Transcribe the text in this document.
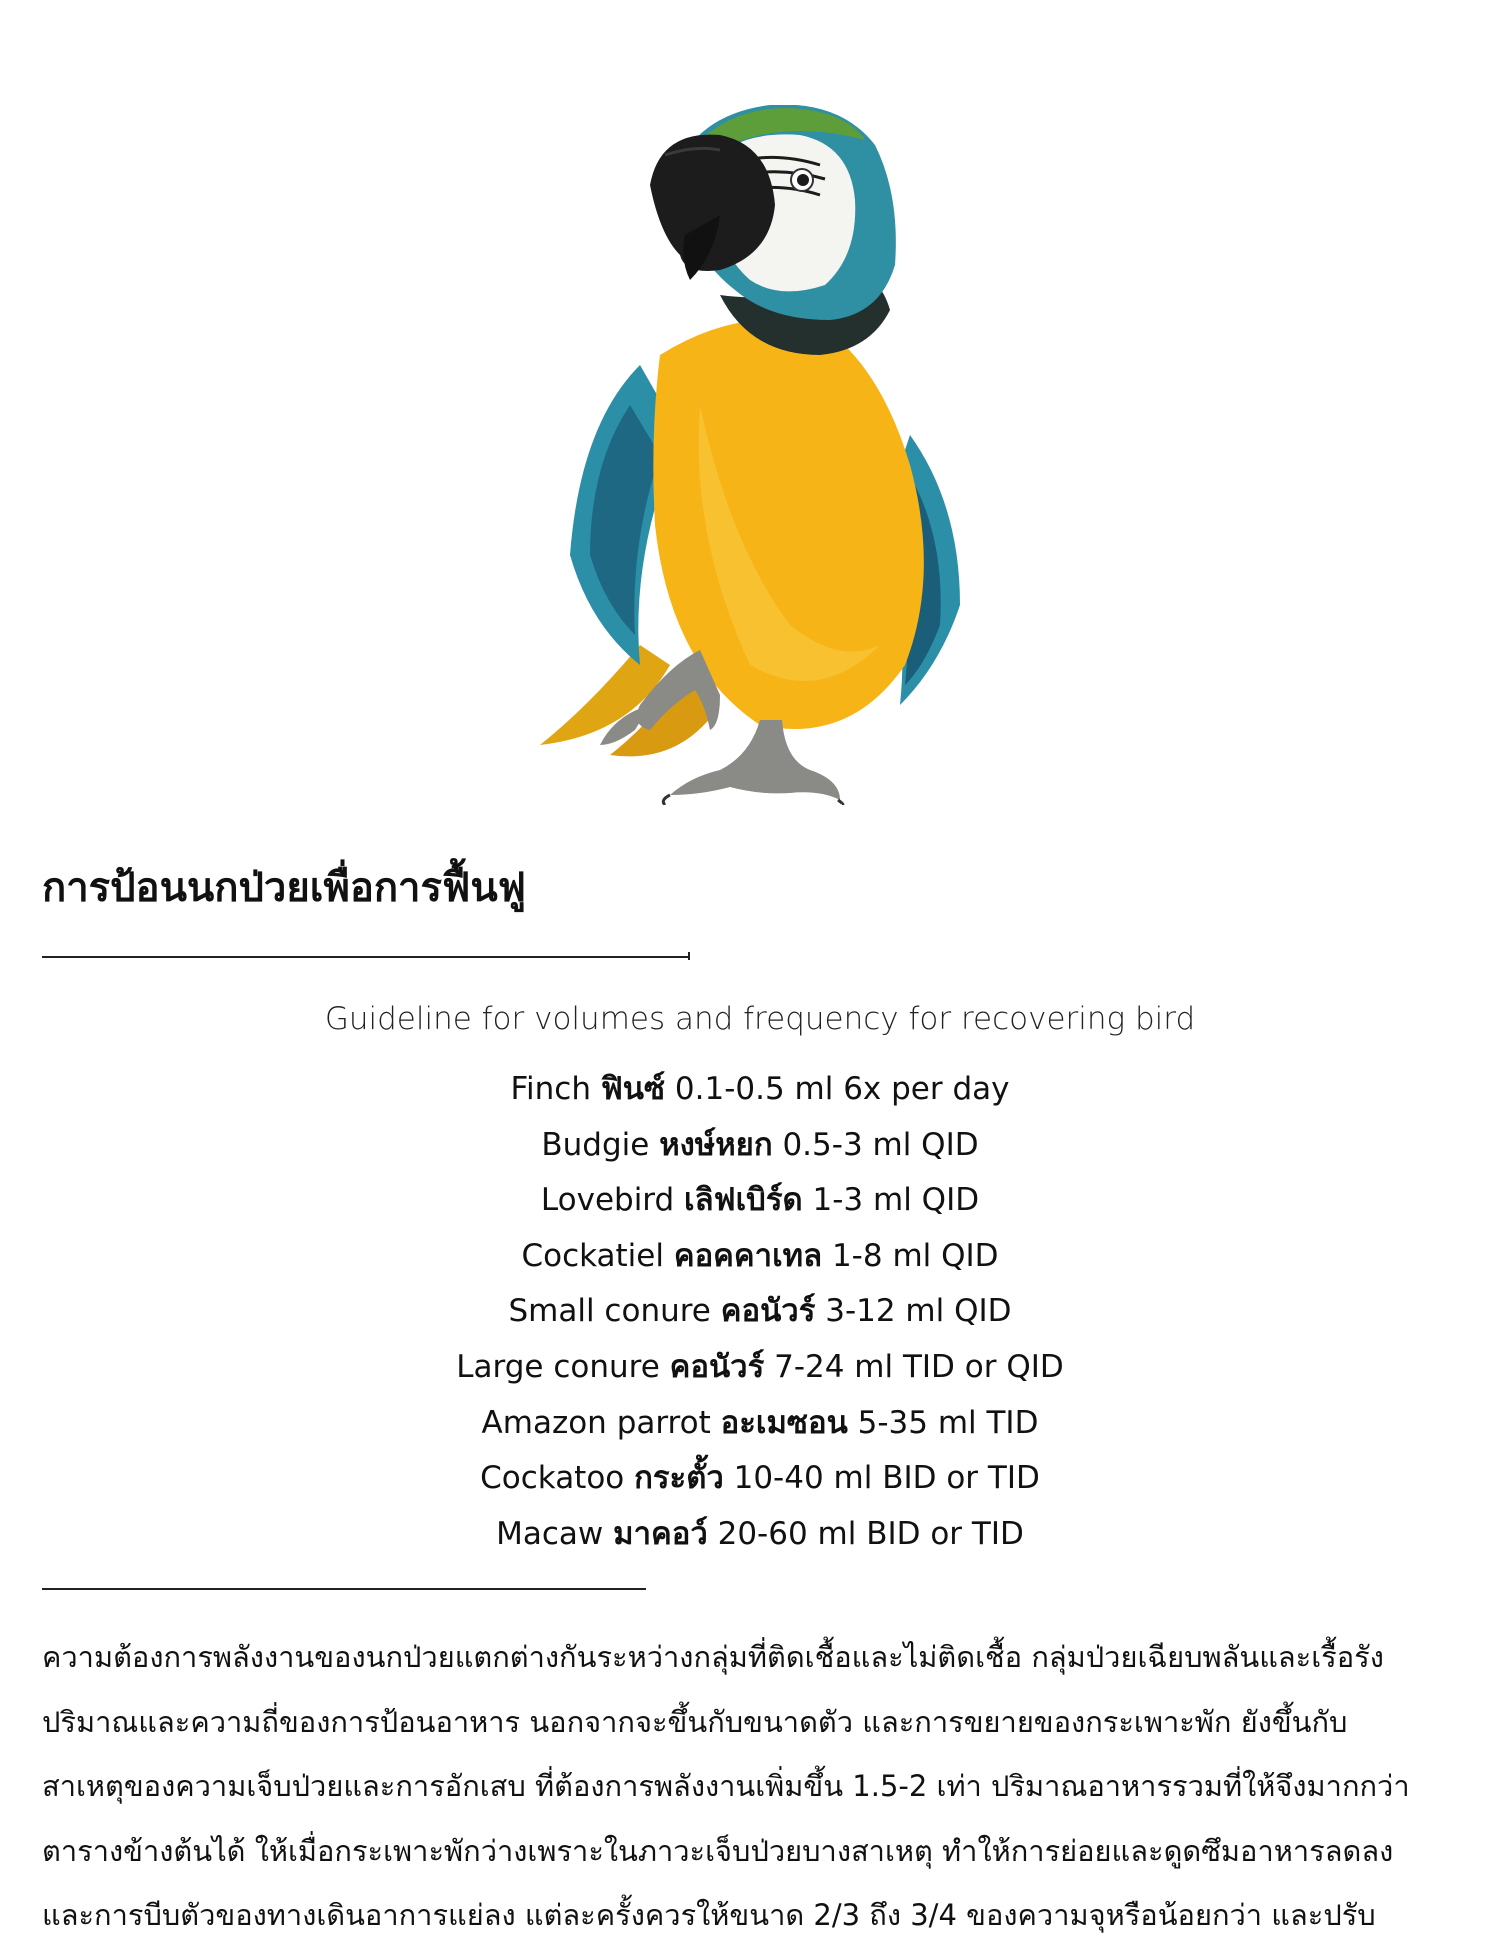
การป้อนนกป่วยเพื่อการฟื้นฟู
Guideline for volumes and frequency for recovering bird
Finch ฟินซ์ 0.1-0.5 ml 6x per day
Budgie หงษ์หยก 0.5-3 ml QID
Lovebird เลิฟเบิร์ด 1-3 ml QID
Cockatiel คอคคาเทล 1-8 ml QID
Small conure คอนัวร์ 3-12 ml QID
Large conure คอนัวร์ 7-24 ml TID or QID
Amazon parrot อะเมซอน 5-35 ml TID
Cockatoo กระตั้ว 10-40 ml BID or TID
Macaw มาคอว์ 20-60 ml BID or TID
ความต้องการพลังงานของนกป่วยแตกต่างกันระหว่างกลุ่มที่ติดเชื้อและไม่ติดเชื้อ กลุ่มป่วยเฉียบพลันและเรื้อรัง
ปริมาณและความถี่ของการป้อนอาหาร นอกจากจะขึ้นกับขนาดตัว และการขยายของกระเพาะพัก ยังขึ้นกับ
สาเหตุของความเจ็บป่วยและการอักเสบ ที่ต้องการพลังงานเพิ่มขึ้น 1.5-2 เท่า ปริมาณอาหารรวมที่ให้จึงมากกว่า
ตารางข้างต้นได้ ให้เมื่อกระเพาะพักว่างเพราะในภาวะเจ็บป่วยบางสาเหตุ ทำให้การย่อยและดูดซึมอาหารลดลง
และการบีบตัวของทางเดินอาการแย่ลง แต่ละครั้งควรให้ขนาด 2/3 ถึง 3/4 ของความจุหรือน้อยกว่า และปรับ
